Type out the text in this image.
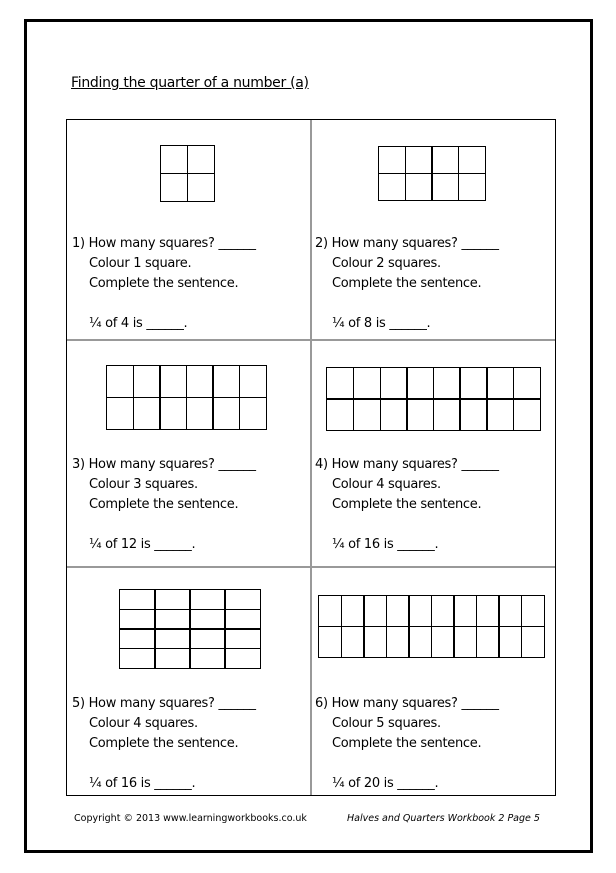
Finding the quarter of a number (a)
1) How many squares? ______
Colour 1 square.
Complete the sentence.
¼ of 4 is ______.
2) How many squares? ______
Colour 2 squares.
Complete the sentence.
¼ of 8 is ______.
3) How many squares? ______
Colour 3 squares.
Complete the sentence.
¼ of 12 is ______.
4) How many squares? ______
Colour 4 squares.
Complete the sentence.
¼ of 16 is ______.
5) How many squares? ______
Colour 4 squares.
Complete the sentence.
¼ of 16 is ______.
6) How many squares? ______
Colour 5 squares.
Complete the sentence.
¼ of 20 is ______.
Copyright © 2013 www.learningworkbooks.co.uk	Halves and Quarters Workbook 2 Page 5
